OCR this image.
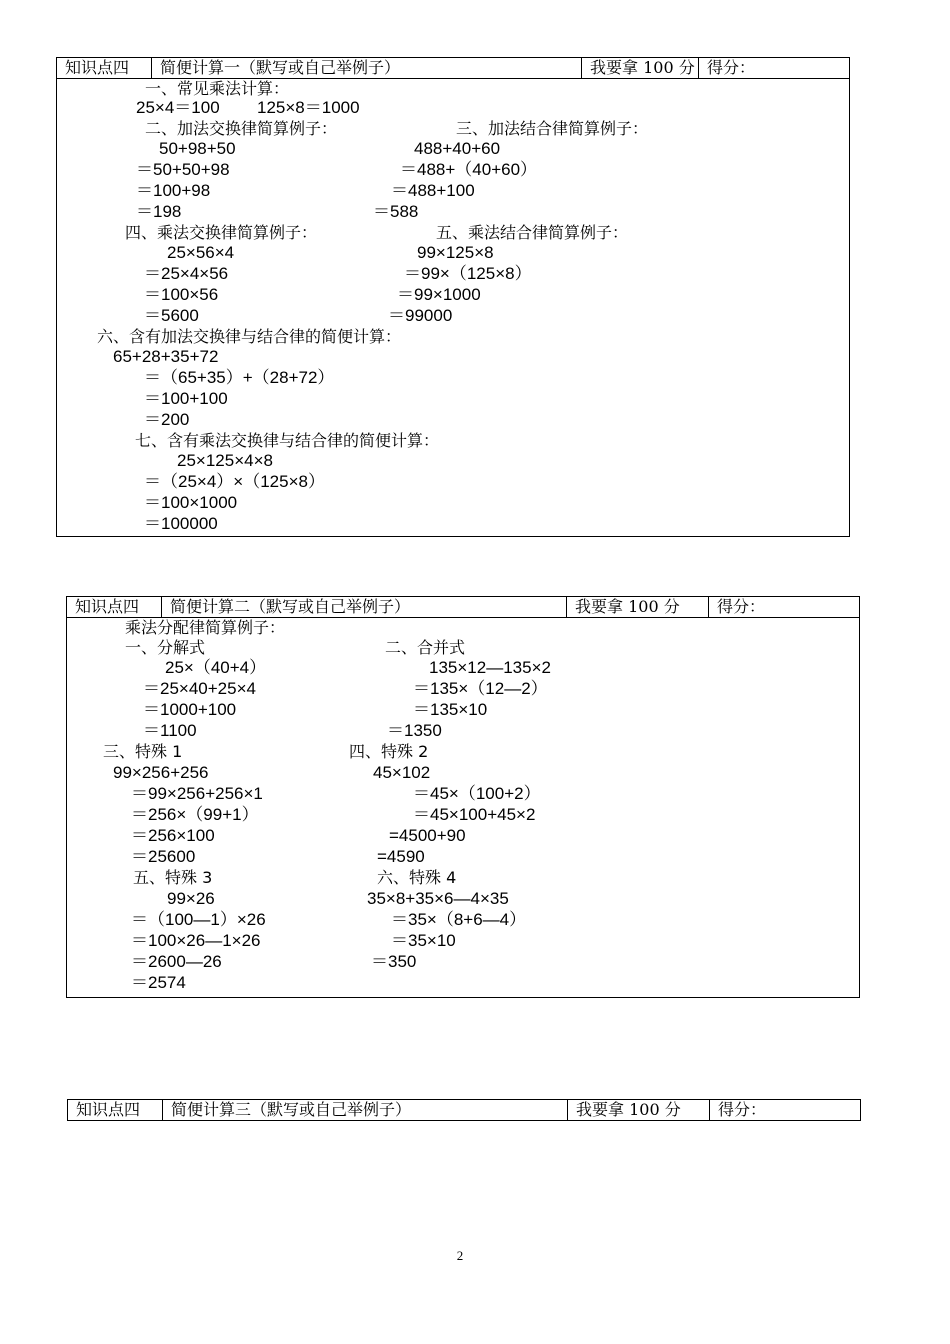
知识点四	简便计算一（默写或自己举例子）	我要拿 100 分 得分：
一、常见乘法计算：
25×4＝100 125×8＝1000
二、加法交换律简算例子：	三、加法结合律简算例子：
50+98+50	488+40+60
＝50+50+98	＝488+（40+60）
＝100+98	＝488+100
＝198	＝588
四、乘法交换律简算例子：	五、乘法结合律简算例子：
25×56×4	99×125×8
＝25×4×56	＝99×（125×8）
＝100×56	＝99×1000
＝5600	＝99000
六、含有加法交换律与结合律的简便计算：
65+28+35+72
＝（65+35）+（28+72）
＝100+100
＝200
七、含有乘法交换律与结合律的简便计算：
25×125×4×8
＝（25×4）×（125×8）
＝100×1000
＝100000
知识点四	简便计算二（默写或自己举例子）	我要拿 100 分	得分：
乘法分配律简算例子：
一、分解式	二、合并式
25×（40+4）	135×12—135×2
＝25×40+25×4	＝135×（12—2）
＝1000+100	＝135×10
＝1100	＝1350
三、特殊 1	四、特殊 2
99×256+256	45×102
＝99×256+256×1	＝45×（100+2）
＝256×（99+1）	＝45×100+45×2
＝256×100	=4500+90
＝25600	=4590
五、特殊 3	六、特殊 4
99×26	35×8+35×6—4×35
＝（100—1）×26	＝35×（8+6—4）
＝100×26—1×26	＝35×10
＝2600—26	＝350
＝2574
知识点四	简便计算三（默写或自己举例子）	我要拿 100 分	得分：
2
